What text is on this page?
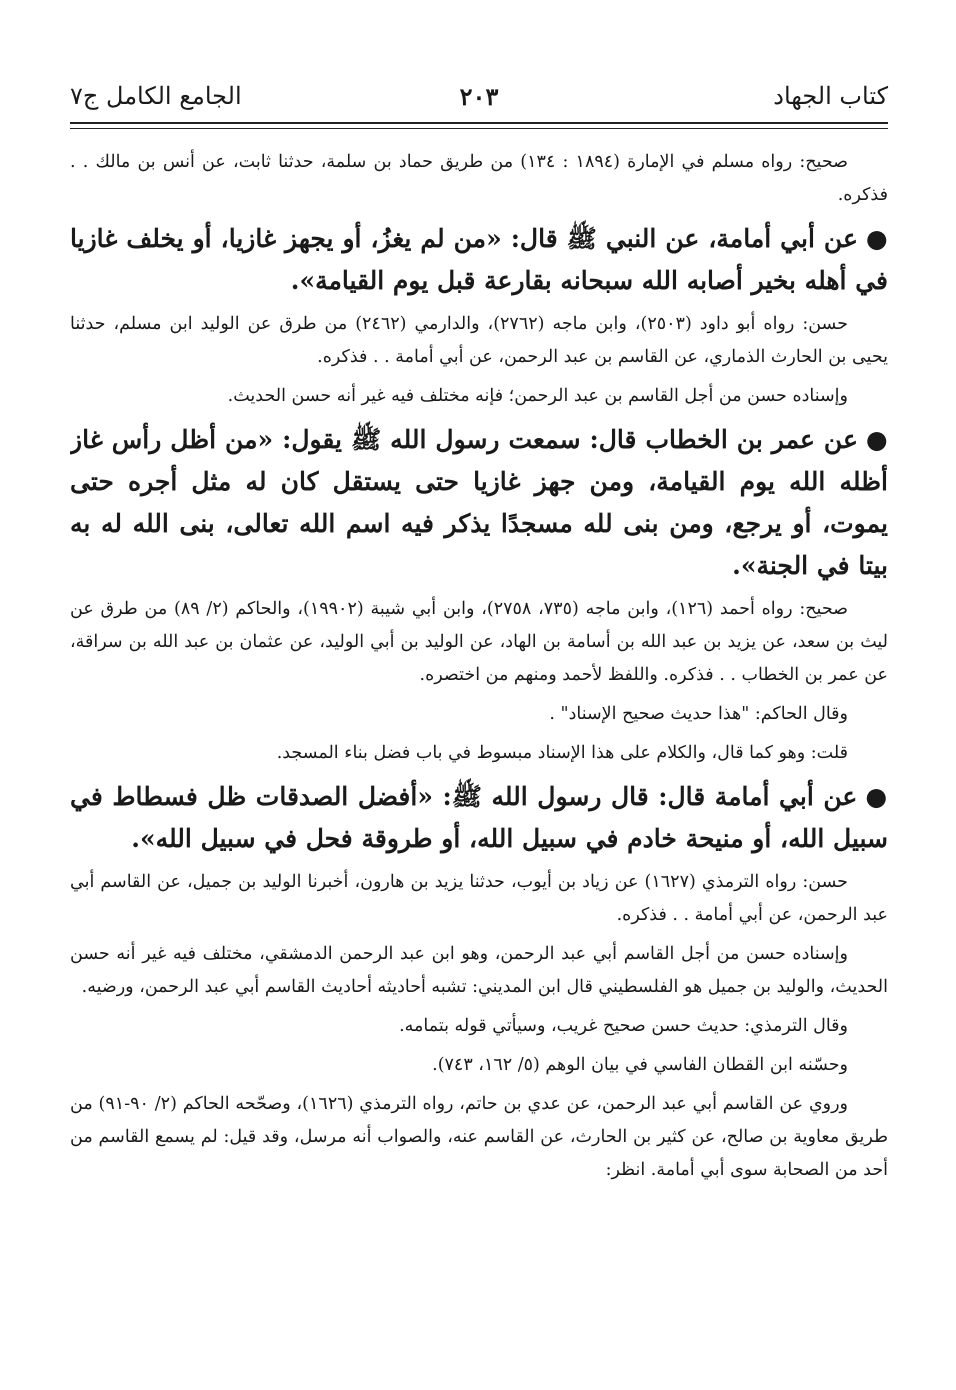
كتاب الجهاد
٢٠٣
الجامع الكامل ج٧

صحيح: رواه مسلم في الإمارة (١٨٩٤ : ١٣٤) من طريق حماد بن سلمة، حدثنا ثابت، عن أنس بن مالك . . فذكره.

●عن أبي أمامة، عن النبي ﷺ قال: «من لم يغزُ، أو يجهز غازيا، أو يخلف غازيا في أهله بخير أصابه الله سبحانه بقارعة قبل يوم القيامة».

حسن: رواه أبو داود (٢٥٠٣)، وابن ماجه (٢٧٦٢)، والدارمي (٢٤٦٢) من طرق عن الوليد ابن مسلم، حدثنا يحيى بن الحارث الذماري، عن القاسم بن عبد الرحمن، عن أبي أمامة . . فذكره.

وإسناده حسن من أجل القاسم بن عبد الرحمن؛ فإنه مختلف فيه غير أنه حسن الحديث.

●عن عمر بن الخطاب قال: سمعت رسول الله ﷺ يقول: «من أظل رأس غاز أظله الله يوم القيامة، ومن جهز غازيا حتى يستقل كان له مثل أجره حتى يموت، أو يرجع، ومن بنى لله مسجدًا يذكر فيه اسم الله تعالى، بنى الله له به بيتا في الجنة».

صحيح: رواه أحمد (١٢٦)، وابن ماجه (٧٣٥، ٢٧٥٨)، وابن أبي شيبة (١٩٩٠٢)، والحاكم (٢/ ٨٩) من طرق عن ليث بن سعد، عن يزيد بن عبد الله بن أسامة بن الهاد، عن الوليد بن أبي الوليد، عن عثمان بن عبد الله بن سراقة، عن عمر بن الخطاب . . فذكره. واللفظ لأحمد ومنهم من اختصره.

وقال الحاكم: "هذا حديث صحيح الإسناد" .

قلت: وهو كما قال، والكلام على هذا الإسناد مبسوط في باب فضل بناء المسجد.

●عن أبي أمامة قال: قال رسول الله ﷺ: «أفضل الصدقات ظل فسطاط في سبيل الله، أو منيحة خادم في سبيل الله، أو طروقة فحل في سبيل الله».

حسن: رواه الترمذي (١٦٢٧) عن زياد بن أيوب، حدثنا يزيد بن هارون، أخبرنا الوليد بن جميل، عن القاسم أبي عبد الرحمن، عن أبي أمامة . . فذكره.

وإسناده حسن من أجل القاسم أبي عبد الرحمن، وهو ابن عبد الرحمن الدمشقي، مختلف فيه غير أنه حسن الحديث، والوليد بن جميل هو الفلسطيني قال ابن المديني: تشبه أحاديثه أحاديث القاسم أبي عبد الرحمن، ورضيه.

وقال الترمذي: حديث حسن صحيح غريب، وسيأتي قوله بتمامه.

وحسّنه ابن القطان الفاسي في بيان الوهم (٥/ ١٦٢، ٧٤٣).

وروي عن القاسم أبي عبد الرحمن، عن عدي بن حاتم، رواه الترمذي (١٦٢٦)، وصحّحه الحاكم (٢/ ٩٠-٩١) من طريق معاوية بن صالح، عن كثير بن الحارث، عن القاسم عنه، والصواب أنه مرسل، وقد قيل: لم يسمع القاسم من أحد من الصحابة سوى أبي أمامة. انظر:
